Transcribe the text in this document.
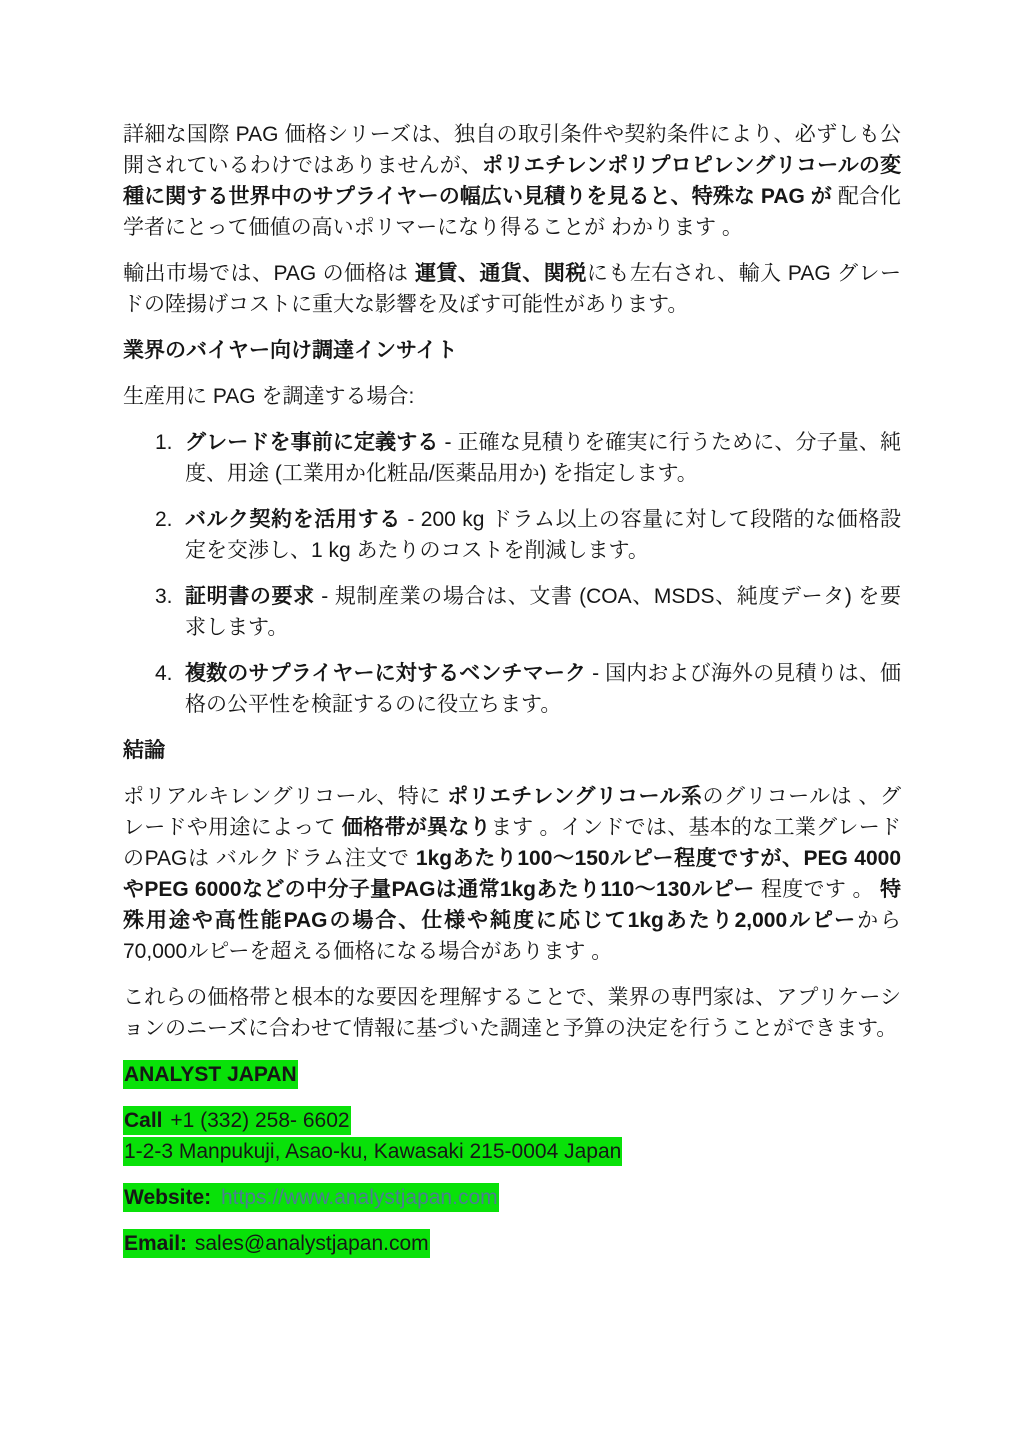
詳細な国際 PAG 価格シリーズは、独自の取引条件や契約条件により、必ずしも公開されているわけではありませんが、ポリエチレンポリプロピレングリコールの変種に関する世界中のサプライヤーの幅広い見積りを見ると、特殊な PAG が 配合化学者にとって価値の高いポリマーになり得ることが わかります 。

輸出市場では、PAG の価格は 運賃、通貨、関税にも左右され、輸入 PAG グレードの陸揚げコストに重大な影響を及ぼす可能性があります。

業界のバイヤー向け調達インサイト

生産用に PAG を調達する場合:

1. グレードを事前に定義する - 正確な見積りを確実に行うために、分子量、純度、用途 (工業用か化粧品/医薬品用か) を指定します。
2. バルク契約を活用する - 200 kg ドラム以上の容量に対して段階的な価格設定を交渉し、1 kg あたりのコストを削減します。
3. 証明書の要求 - 規制産業の場合は、文書 (COA、MSDS、純度データ) を要求します。
4. 複数のサプライヤーに対するベンチマーク - 国内および海外の見積りは、価格の公平性を検証するのに役立ちます。
結論

ポリアルキレングリコール、特に ポリエチレングリコール系のグリコールは 、グレードや用途によって 価格帯が異なります 。インドでは、基本的な工業グレードのPAGは バルクドラム注文で 1kgあたり100〜150ルピー程度ですが、PEG 4000やPEG 6000などの中分子量PAGは通常1kgあたり110〜130ルピー 程度です 。 特殊用途や高性能PAGの場合、仕様や純度に応じて1kgあたり2,000ルピーから70,000ルピーを超える価格になる場合があります 。

これらの価格帯と根本的な要因を理解することで、業界の専門家は、アプリケーションのニーズに合わせて情報に基づいた調達と予算の決定を行うことができます。

ANALYST JAPAN

Call +1 (332) 258- 6602
1-2-3 Manpukuji, Asao-ku, Kawasaki 215-0004 Japan

Website: https://www.analystjapan.com

Email: sales@analystjapan.com
